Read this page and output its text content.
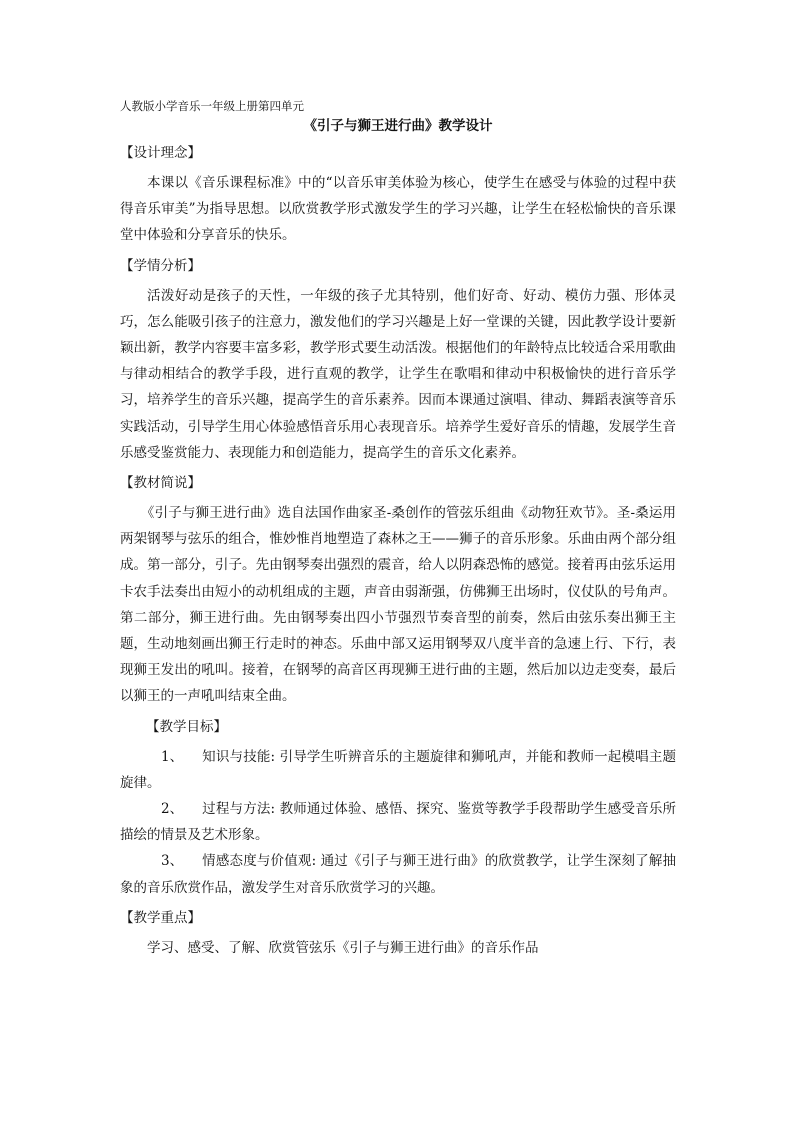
人教版小学音乐一年级上册第四单元
《引子与狮王进行曲》教学设计
【设计理念】
本课以《音乐课程标准》中的“以音乐审美体验为核心，使学生在感受与体验的过程中获得音乐审美”为指导思想。以欣赏教学形式激发学生的学习兴趣，让学生在轻松愉快的音乐课堂中体验和分享音乐的快乐。
【学情分析】
活泼好动是孩子的天性，一年级的孩子尤其特别，他们好奇、好动、模仿力强、形体灵巧，怎么能吸引孩子的注意力，激发他们的学习兴趣是上好一堂课的关键，因此教学设计要新颖出新，教学内容要丰富多彩，教学形式要生动活泼。根据他们的年龄特点比较适合采用歌曲与律动相结合的教学手段，进行直观的教学，让学生在歌唱和律动中积极愉快的进行音乐学习，培养学生的音乐兴趣，提高学生的音乐素养。因而本课通过演唱、律动、舞蹈表演等音乐实践活动，引导学生用心体验感悟音乐用心表现音乐。培养学生爱好音乐的情趣，发展学生音乐感受鉴赏能力、表现能力和创造能力，提高学生的音乐文化素养。
【教材简说】
《引子与狮王进行曲》选自法国作曲家圣-桑创作的管弦乐组曲《动物狂欢节》。圣-桑运用两架钢琴与弦乐的组合，惟妙惟肖地塑造了森林之王——狮子的音乐形象。乐曲由两个部分组成。第一部分，引子。先由钢琴奏出强烈的震音，给人以阴森恐怖的感觉。接着再由弦乐运用卡农手法奏出由短小的动机组成的主题，声音由弱渐强，仿佛狮王出场时，仪仗队的号角声。第二部分，狮王进行曲。先由钢琴奏出四小节强烈节奏音型的前奏，然后由弦乐奏出狮王主题，生动地刻画出狮王行走时的神态。乐曲中部又运用钢琴双八度半音的急速上行、下行，表现狮王发出的吼叫。接着，在钢琴的高音区再现狮王进行曲的主题，然后加以边走变奏，最后以狮王的一声吼叫结束全曲。
【教学目标】
1、 知识与技能: 引导学生听辨音乐的主题旋律和狮吼声，并能和教师一起模唱主题旋律。
2、 过程与方法: 教师通过体验、感悟、探究、鉴赏等教学手段帮助学生感受音乐所描绘的情景及艺术形象。
3、 情感态度与价值观: 通过《引子与狮王进行曲》的欣赏教学，让学生深刻了解抽象的音乐欣赏作品，激发学生对音乐欣赏学习的兴趣。
【教学重点】
学习、感受、了解、欣赏管弦乐《引子与狮王进行曲》的音乐作品
